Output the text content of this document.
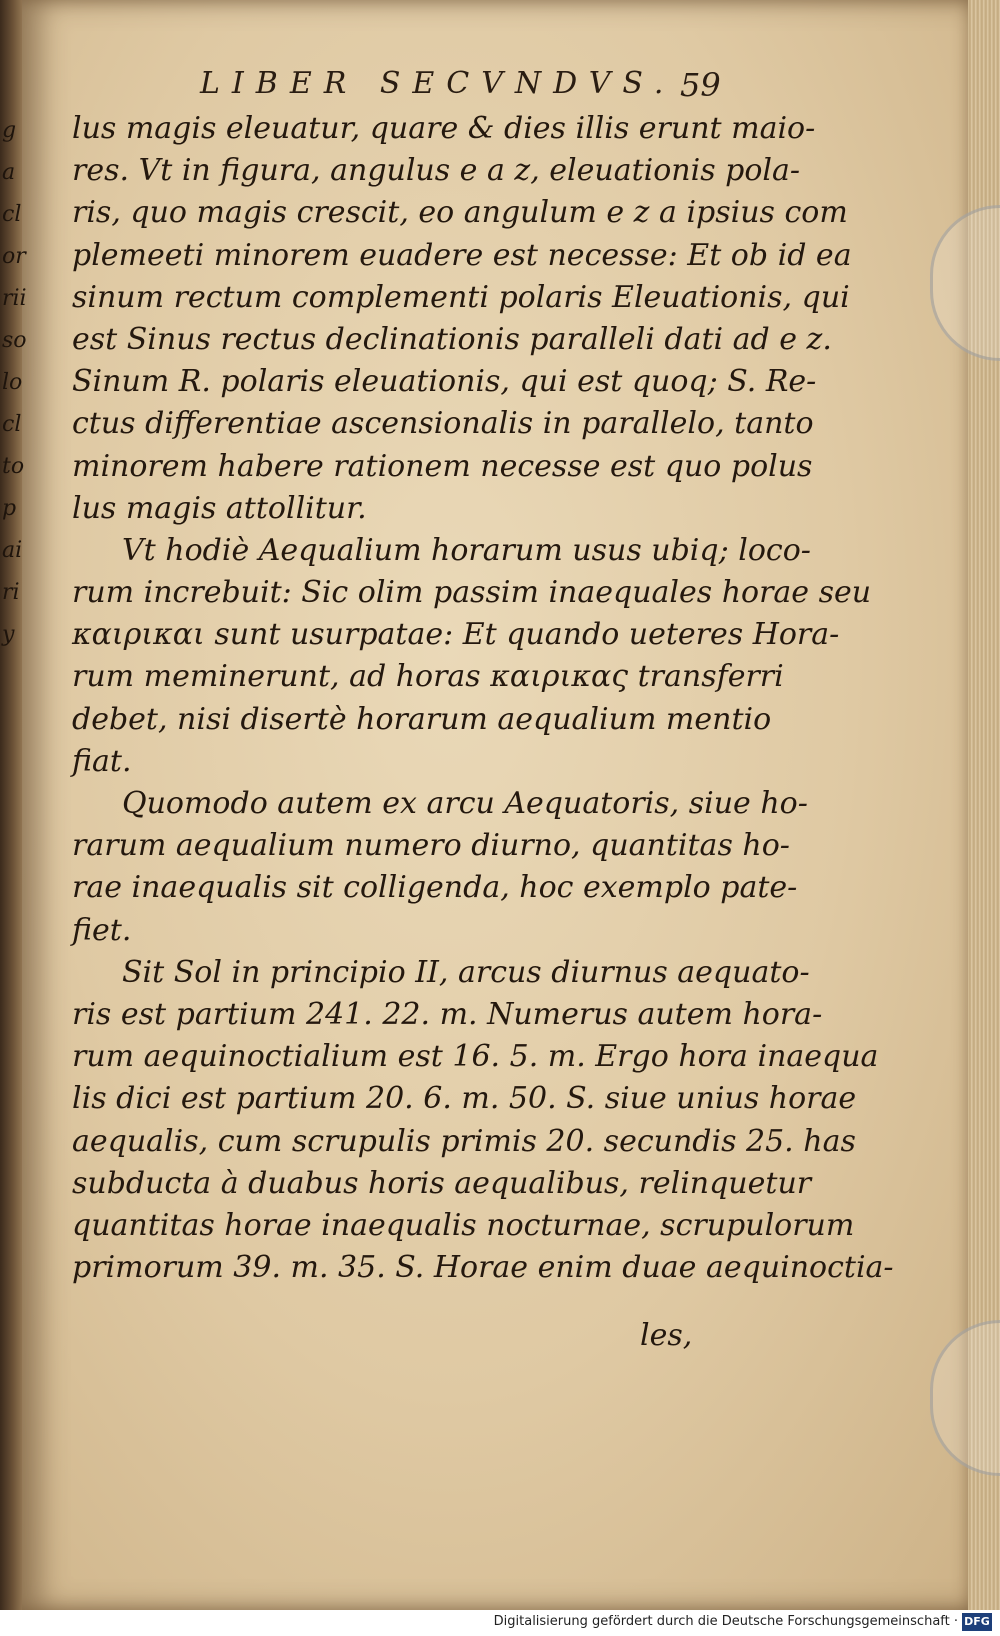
g
a
cl
or
rii
so
lo
cl
to
p
ai
ri
y
LIBER SECVNDVS. 59
lus magis eleuatur, quare & dies illis erunt maio-
res. Vt in figura, angulus e a z, eleuationis pola-
ris, quo magis crescit, eo angulum e z a ipsius com
plemeeti minorem euadere est necesse: Et ob id ea
sinum rectum complementi polaris Eleuationis, qui
est Sinus rectus declinationis paralleli dati ad e z.
Sinum R. polaris eleuationis, qui est quoq; S. Re-
ctus differentiae ascensionalis in parallelo, tanto
minorem habere rationem necesse est quo polus
lus magis attollitur.
Vt hodiè Aequalium horarum usus ubiq; loco-
rum increbuit: Sic olim passim inaequales horae seu
καιρικαι sunt usurpatae: Et quando ueteres Hora-
rum meminerunt, ad horas καιρικας transferri
debet, nisi disertè horarum aequalium mentio
fiat.
Quomodo autem ex arcu Aequatoris, siue ho-
rarum aequalium numero diurno, quantitas ho-
rae inaequalis sit colligenda, hoc exemplo pate-
fiet.
Sit Sol in principio II, arcus diurnus aequato-
ris est partium 241. 22. m. Numerus autem hora-
rum aequinoctialium est 16. 5. m. Ergo hora inaequa
lis dici est partium 20. 6. m. 50. S. siue unius horae
aequalis, cum scrupulis primis 20. secundis 25. has
subducta à duabus horis aequalibus, relinquetur
quantitas horae inaequalis nocturnae, scrupulorum
primorum 39. m. 35. S. Horae enim duae aequinoctia-
les,
Digitalisierung gefördert durch die Deutsche Forschungsgemeinschaft · DFG
